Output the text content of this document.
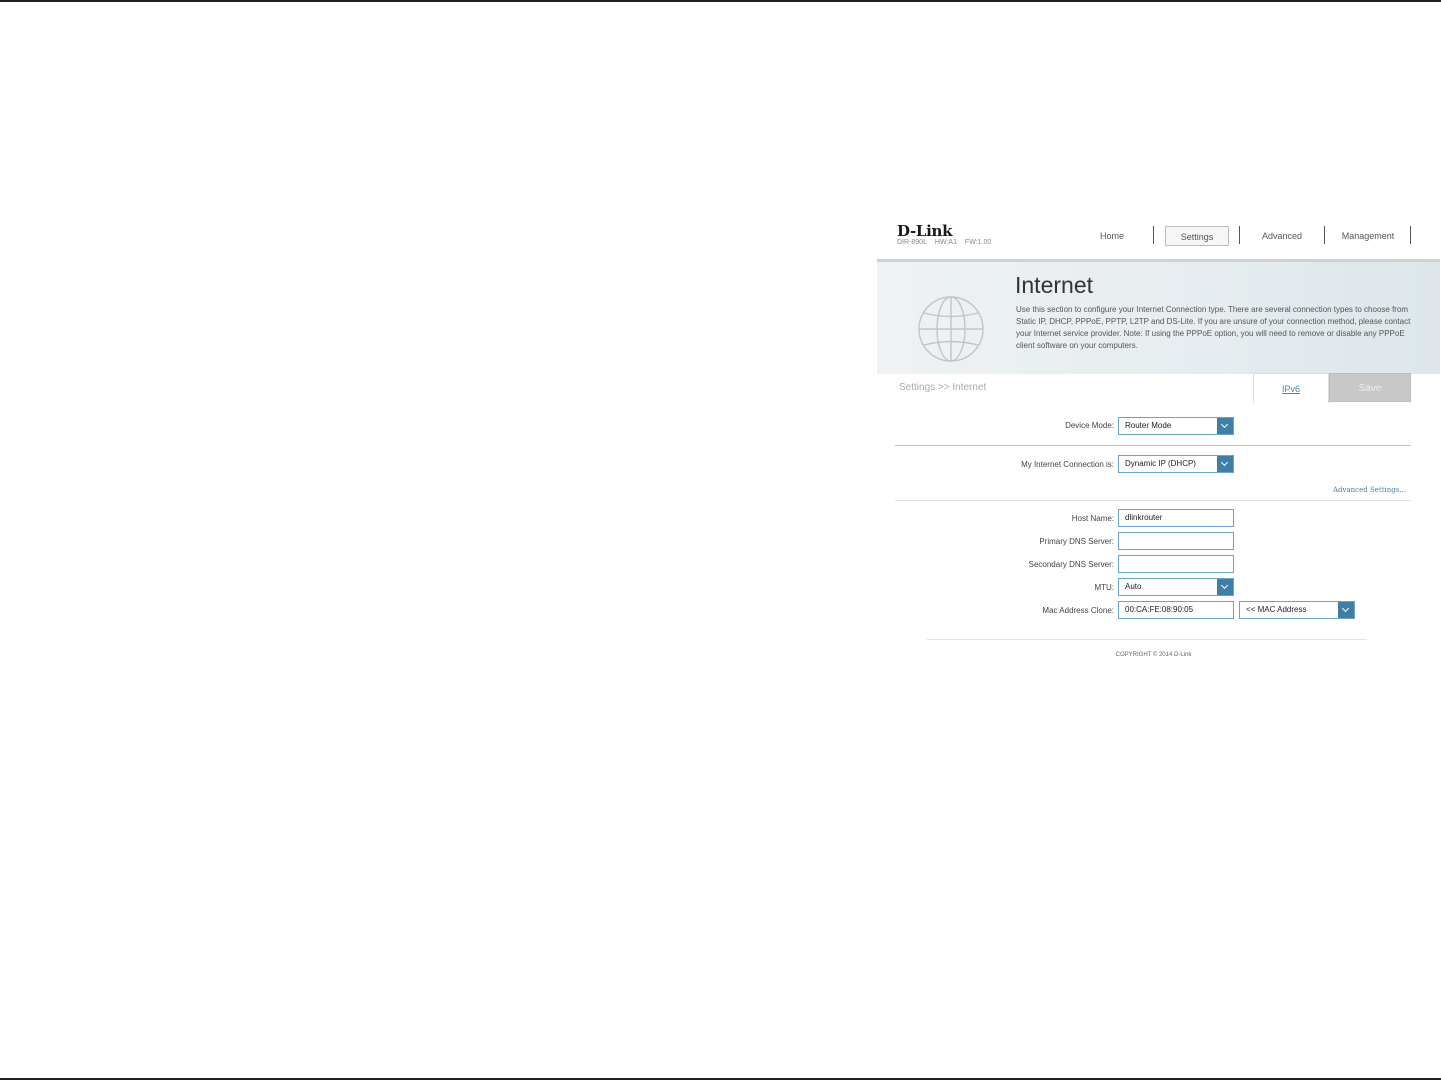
D-Link
DIR-890L HW:A1 FW:1.00
Home	Settings	Advanced	Management
Internet
Use this section to configure your Internet Connection type. There are several connection types to choose from Static IP, DHCP, PPPoE, PPTP, L2TP and DS-Lite. If you are unsure of your connection method, please contact your Internet service provider. Note: If using the PPPoE option, you will need to remove or disable any PPPoE client software on your computers.
Settings >> Internet	IPv6	Save
Device Mode:	Router Mode
My Internet Connection is:	Dynamic IP (DHCP)
Advanced Settings...
Host Name:	dlinkrouter
Primary DNS Server:
Secondary DNS Server:
MTU:	Auto
Mac Address Clone:	00:CA:FE:08:90:05	<< MAC Address
COPYRIGHT © 2014 D-Link
